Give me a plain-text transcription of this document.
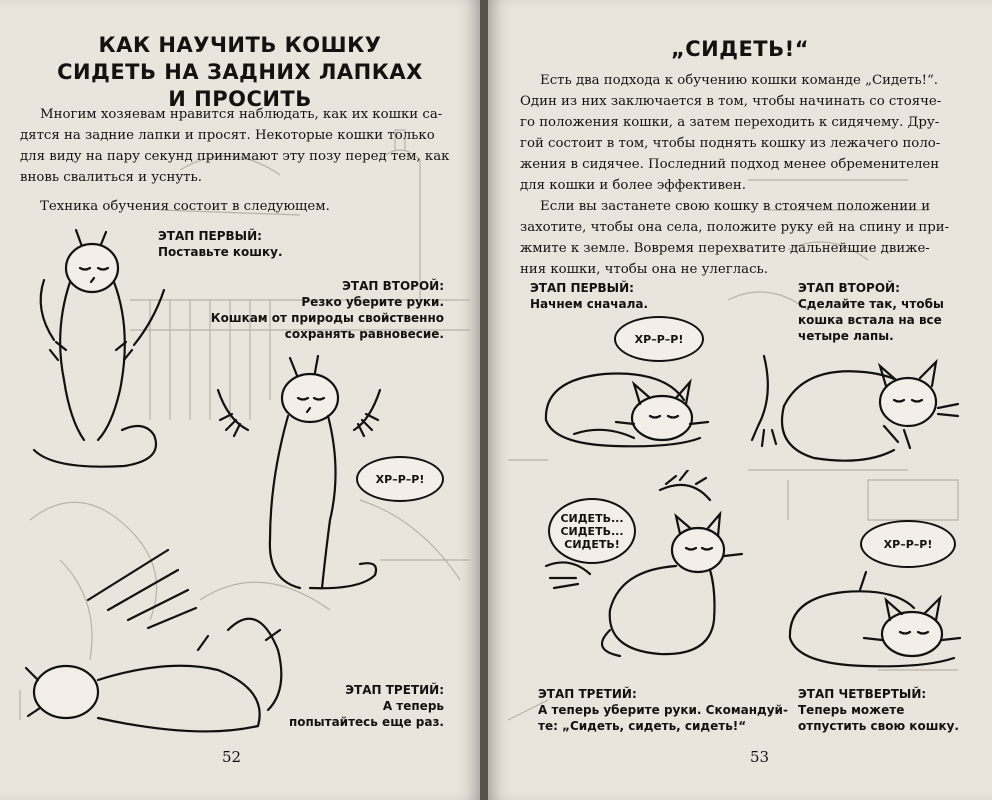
КАК НАУЧИТЬ КОШКУ
СИДЕТЬ НА ЗАДНИХ ЛАПКАХ
И ПРОСИТЬ
Многим хозяевам нравится наблюдать, как их кошки са-
дятся на задние лапки и просят. Некоторые кошки только
для виду на пару секунд принимают эту позу перед тем, как
вновь свалиться и уснуть.
Техника обучения состоит в следующем.
ЭТАП ПЕРВЫЙ:
Поставьте кошку.
ЭТАП ВТОРОЙ:
Резко уберите руки.
Кошкам от природы свойственно
сохранять равновесие.
ЭТАП ТРЕТИЙ:
А теперь
попытайтесь еще раз.
ХР–Р–Р!
52
„СИДЕТЬ!“
Есть два подхода к обучению кошки команде „Сидеть!“.
Один из них заключается в том, чтобы начинать со стояче-
го положения кошки, а затем переходить к сидячему. Дру-
гой состоит в том, чтобы поднять кошку из лежачего поло-
жения в сидячее. Последний подход менее обременителен
для кошки и более эффективен.
Если вы застанете свою кошку в стоячем положении и
захотите, чтобы она села, положите руку ей на спину и при-
жмите к земле. Вовремя перехватите дальнейшие движе-
ния кошки, чтобы она не улеглась.
ЭТАП ПЕРВЫЙ:
Начнем сначала.
ЭТАП ВТОРОЙ:
Сделайте так, чтобы
кошка встала на все
четыре лапы.
ЭТАП ТРЕТИЙ:
А теперь уберите руки. Скомандуй-
те: „Сидеть, сидеть, сидеть!“
ЭТАП ЧЕТВЕРТЫЙ:
Теперь можете
отпустить свою кошку.
ХР–Р–Р!
СИДЕТЬ...
СИДЕТЬ...
СИДЕТЬ!	ХР–Р–Р!
53
